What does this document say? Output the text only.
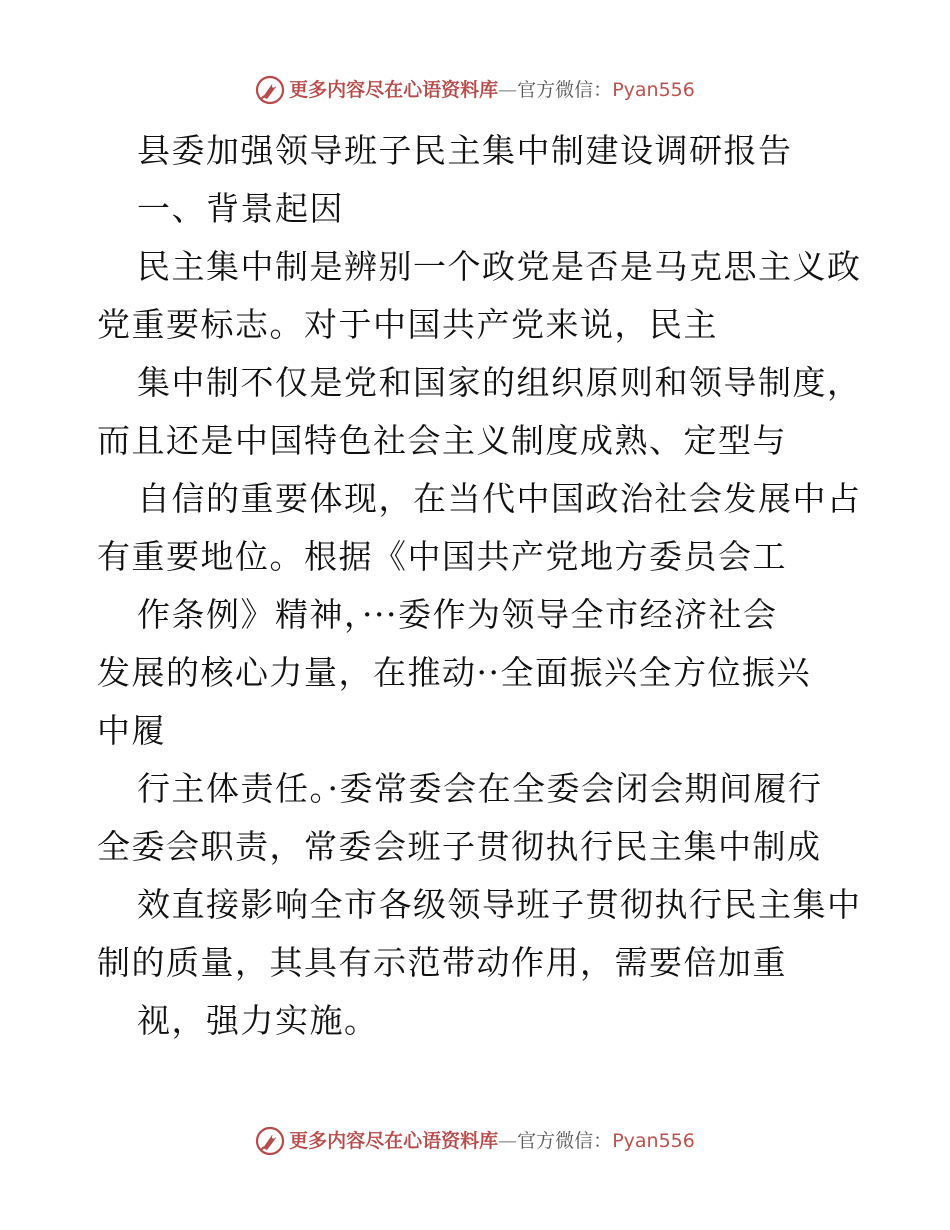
更多内容尽在心语资料库 — 官方微信： Pyan556

县委加强领导班子民主集中制建设调研报告

一、背景起因

民主集中制是辨别一个政党是否是马克思主义政

党重要标志。对于中国共产党来说，民主

集中制不仅是党和国家的组织原则和领导制度，

而且还是中国特色社会主义制度成熟、定型与

自信的重要体现，在当代中国政治社会发展中占

有重要地位。根据《中国共产党地方委员会工

作条例》精神，···委作为领导全市经济社会

发展的核心力量，在推动··全面振兴全方位振兴

中履

行主体责任。·委常委会在全委会闭会期间履行

全委会职责，常委会班子贯彻执行民主集中制成

效直接影响全市各级领导班子贯彻执行民主集中

制的质量，其具有示范带动作用，需要倍加重

视，强力实施。

更多内容尽在心语资料库 — 官方微信： Pyan556
